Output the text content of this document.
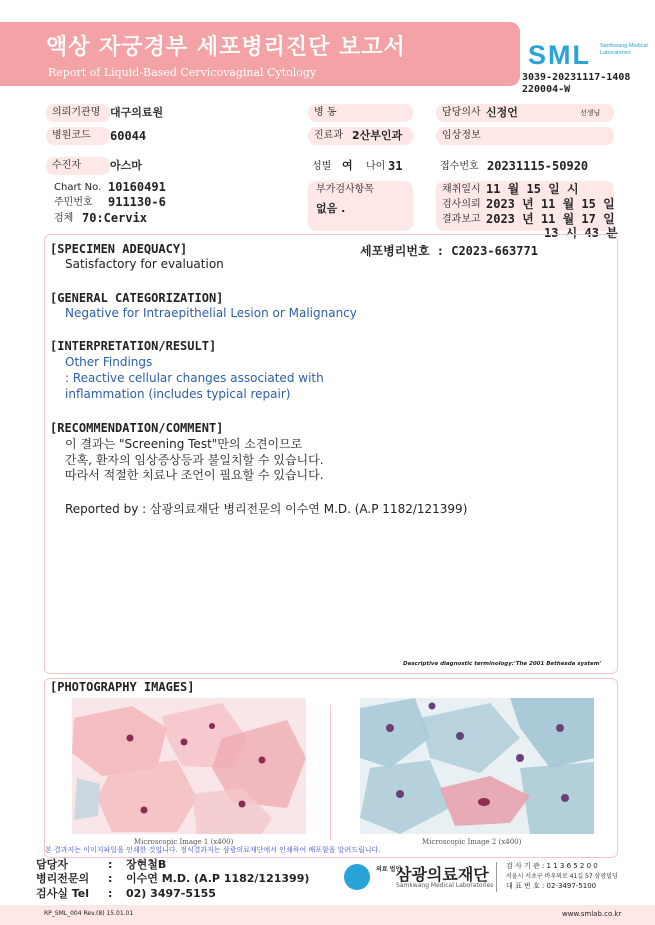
액상 자궁경부 세포병리진단 보고서
Report of Liquid-Based Cervicovaginal Cytology
SML Samkwang Medical Laboratories
3039-20231117-1408
220004-W
의뢰기관명 대구의료원	병 동	담당의사 신정언	선생님
병원코드	60044	진료과 2산부인과	임상정보
수진자	아스마	성별 여 나이 31	접수번호 20231115-50920
Chart No. 10160491
주민번호 911130-6
검체 70:Cervix
부가검사항목
없음 .
채취일시 11 월 15 일 시
검사의뢰 2023 년 11 월 15 일
결과보고 2023 년 11 월 17 일
13 시 43 분
[SPECIMEN ADEQUACY]	세포병리번호 : C2023-663771
Satisfactory for evaluation
[GENERAL CATEGORIZATION]
Negative for Intraepithelial Lesion or Malignancy
[INTERPRETATION/RESULT]
Other Findings
: Reactive cellular changes associated with
inflammation (includes typical repair)
[RECOMMENDATION/COMMENT]
이 결과는 "Screening Test"만의 소견이므로
간혹, 환자의 임상증상등과 불일치할 수 있습니다.
따라서 적절한 치료나 조언이 필요할 수 있습니다.
Reported by : 삼광의료재단 병리전문의 이수연 M.D. (A.P 1182/121399)
Descriptive diagnostic terminology:'The 2001 Bethesda system'
[PHOTOGRAPHY IMAGES]
Microscopic Image 1 (x400)	Microscopic Image 2 (x400)
본 결과지는 이미지파일을 인쇄한 것입니다. 정식결과지는 삼광의료재단에서 인쇄하여 배포함을 알려드립니다.
담당자	: 장현철B
병리전문의 : 이수연 M.D. (A.P 1182/121399)
검사실 Tel : 02) 3497-5155
의료 법인
삼광의료재단
Samkwang Medical Laboratories
검 사 기 관 : 1 1 3 6 5 2 0 0
서울시 서초구 바우뫼로 41길 57 삼광빌딩
대 표 번 호 : 02-3497-5100
RP_SML_004 Rev.(8) 15.01.01	www.smlab.co.kr
